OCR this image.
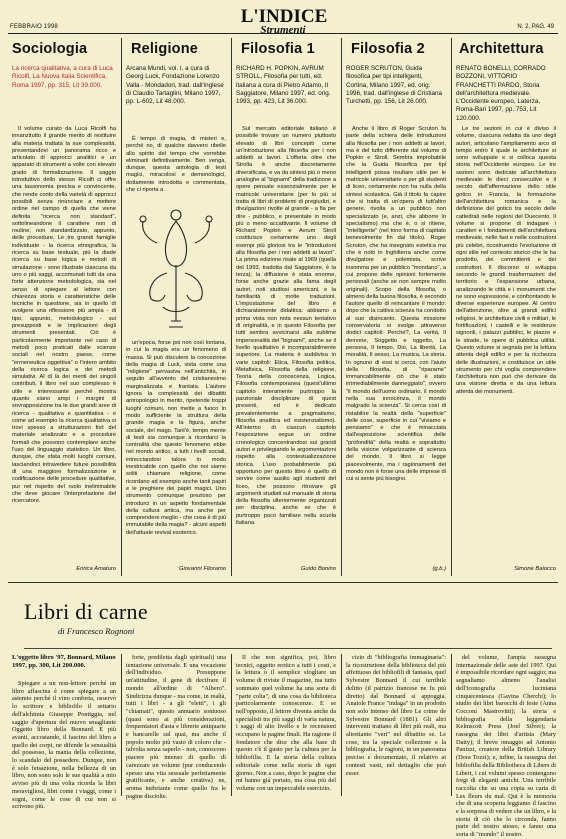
L'INDICE
FEBBRAIO 1998	Strumenti	N. 2, PAG. 49
Sociologia
La ricerca qualitativa, a cura di Luca Ricolfi, La Nuova Italia Scientifica, Roma 1997, pp. 315, Lit 39.000.

Il volume curato da Luca Ricolfi ha innanzitutto il grande merito di restituire alla materia trattata la sue complessità, presentandovi un panorama ricco e articolato di approcci analitici e un apparato di strumenti a volte con elevato grado di formalizzazione. Il saggio introduttivo dello stesso Ricolfi ci offre una tassonomia precisa e convincente, che rende conto della varietà di approcci possibili senza rinunciare a mettere ordine nel campo di quella che viene definita "ricerca non standard", sottolineandone il carattere non di routine, non standardizzato, appunto, delle procedure. Le tre grandi famiglie individuate - la ricerca etnografica, la ricerca su base testuale, più la diade ricerca su base logica e metodi di simulazione - sono illustrate ciascuna da uno o più saggi, accomunati tutti da una forte attenzione metodologica, sia nel senso di spiegare al lettore con chiarezza storia e caratteristiche delle tecniche in questione, sia in quello di svolgere una riflessione più ampia - di tipo, appunto, metodologico - sui presupposti e le implicazioni degli strumenti presentati. Ciò è particolarmente importante nel caso di metodi poco praticati dalle scienze sociali nel nostro paese, come "ermeneutica oggettiva" o l'intero ambito della ricerca logica e dei metodi simulativi. Al di là dei meriti dei singoli contributi, il libro nel suo complesso è utile e interessante perché mostra quanto siano ampi i margini di sovrapposizione tra le due grandi aree di ricerca - qualitativa e quantitativa - e come ad esempio la ricerca qualitativa si trovi spesso a strutturazioni fort del materiale analizzato e a procedure formali che possono contemplare anche l'uso del linguaggio statistico. Un libro, dunque, che sfata molti luoghi comuni, lasciandoci intravedere future possibilità di una maggiore formalizzazione e codificazione delle procedure qualitative, pur nel rispetto del ruolo ineliminabile che deve giocare l'interpretazione del ricercatore.

Enrica Amaturo
Religione
Arcana Mundi, vol. I, a cura di Georg Luck, Fondazione Lorenzo Valla - Mondadori, trad. dall'inglese di Claudio Tartaglini, Milano 1997, pp. L-602, Lit 48.000.

È tempo di magia, di misteri e, perché no, di qualche davvero ribelle allo spirito del tempo che vorrebbe eliminarli definitivamente. Ben venga, dunque, questa antologia di testi magici, miracolosi e demonologici, dottamente introdotta e commentata, che ci riporta a

un'epoca, forse poi non così lontana, in cui la magia era un fenomeno di massa. Si può discutere la concezione della magia di Luck, vista come una "religione" pervasiva nell'antichità, in seguito all'avvento del cristianesimo marginalizzata e frantata. L'autore ignora la complessità dei dibattiti antropologici in merito, ripetende troppi luoghi comuni, non mette a fuoco in modo sufficiente la struttura della grande magia e la figura, anche sociale, del mago. Tant'è, tempo mente di testi sia comunque a ricordarci la centralità che questo fenomeno ebbe nel mondo antico, a tutti i livelli sociali, intrecciandosi talora in modo inestricabile con quello che noi siamo soliti chiamare religione, come ricordano ad esempio anche tanti papiri e le preghiere dei papiri magici. Uno strumento comunque prezioso per introdurci in un aspetto fondamentale della cultura antica, ma anche per comprendere meglio - che cosa è di più immutabile della magia? - alcuni aspetti dell'attuale revival esoterico.

Giovanni Filoramo
Filosofia 1
RICHARD H. POPKIN, AVRUM STROLL, Filosofia per tutti, ed. italiana a cura di Pietro Adamo, Il Saggiatore, Milano 1997, ed. orig. 1993, pp. 423, Lit 36.000.

Sul mercato editoriale italiano è possibile trovare un numero piuttosto elevato di libri concepiti come un'introduzione alla filosofia per i non addetti ai lavori. L'offerta oltre che Strolla è anche discretamente diversificata, e va da sintesi più o meno analoghe al "bignami" della tradizione a opere pensate essenzialmente per le matricole universitarie (per lo più si tratta di libri di problemi di pregiudizi, e divulgazioni rivolte al grande - a fia per dire - pubblico, e presentate in modo più o meno accattivante. Il volume di Richard Popkin e Avrum Stroll costituisce certamente uno degli esempi più gloriosi tra le "introduzioni alla filosofia per i non addetti ai lavori". La prima edizione risale al 1969 (quella del 1993, tradotta dal Saggiatore, è la terza); la diffusione è stata enorme, forse anche grazie alla fama degli autori, noti studiosi americani, e la familiarità di molte traduzioni. L'impostazione del libro è dichiaratamente didattica: abbiamo a prima vista non nota nessun tentativo di originalità, e in questo Filosofia per tutti sembra avvicinarsi alla sublime impersonalità dei "bignami", anche se il livello qualitativo è incomparabilmente superiore. La materia è suddivisa in varie capitoli: Etica, Filosofia politica, Metafisica, Filosofia della religione, Teoria della conoscenza, Logica, Filosofia contemporanea (quest'ultimo capitolo interamente purtroppo la parzionale disciplinare di quest presenti, ed è dedicato prevalentemente a pragmatismo, filosofia analitica ed esistenzialismo). All'interno di ciascun capitolo l'esposizione segue un ordine cronologico concentrandosi sui grandi autori e privilegiando le argomentazioni rispetto alla contestualizzazione storica. L'uso probabilmente più opportuno per questo libro è quello di servire come ausilio agli studenti del liceo, che possono ritrovare gli argomenti studiati sul manuale di storia della filosofia ulteriormente organizzati per disciplina, anche se che è purtroppo poco familiare nella scuola italiana.

Guido Bonino
Filosofia 2
ROGER SCRUTON, Guida filosofica per tipi intelligenti, Cortina, Milano 1997, ed. orig. 1996, trad. dall'inglese di Cristiana Turchetti, pp. 156, Lit 26.000.

Anche il libro di Roger Scruton fa parte della schiera delle introduzioni alla filosofia per i non addetti ai lavori, ma è del tutto differente dal volume di Popkin e Stroll. Sembra improbabile che la Guida filosofica per tipi intelligenti possa risultare utile per le matricole universitarie o per gli studenti di liceo, certamente non ha nulla della sintesi scolastica. Già il titolo fa capire che si tratta di un'opera di tutt'altro genere, rivolta a un pubblico non specializzato (e, anzi, che abborre lo specialismo) ma che è, o si ritiene, "intelligente" (nel tono forma di capitato benevolmente fin dal titolo). Roger Scruton, che ha insegnato estetica ma che è noto in Inghilterra anche come divulgatore e polemista, scrive insomma per un pubblico "mondano", a cui propone delle opinioni fortemente personali (anche se non sempre molto originali). Scopo della filosofia, o almeno della buona filosofia, è secondo l'autore quello di reincantare il mondo: dopo che la cattiva scienza ha condotto al suo disincanto. Questa missione conservatoria si svolge attraverso dodici capitoli: Perché?, La verità, Il demone, Soggetto e oggetto, La persona, Il tempo, Dio, La libertà, La moralità, Il sesso, La musica, La storia. In ognuno di essi si cerca, con l'aiuto della filosofia, di "ripararne" immancabilmente ciò che è stato irrimediabilmente danneggiato", ovvero "il mondo dell'uomo ordinario, il mondo nella sua innocenza, il mondo malgrado la scienza". Si cerca così di ristabilire la realtà della "superficie" delle cose, superficie in cui "viviamo e pensiamo" e che è minacciata dall'esposizione scientifica delle "profondità" della realtà e soprattutto della visione volgarizzante di scienza del mondo. Il libro si legge piacevolmente, ma i ragionamenti del mondo non è forse una delle imprese di cui si sente più bisogno.

(g.b.)
Architettura
RENATO BONELLI, CORRADO BOZZONI, VITTORIO FRANCHETTI PARDO, Storia dell'architettura medievale. L'Occidente europeo, Laterza, Roma-Bari 1997, pp. 753, Lit 120.000.

Le tre sezioni in cui è diviso il volume, ciascuna redatta da uno degli autori, articolano l'ampliamento arco di tempo entro il quale le architetture si sono sviluppate e si colloca questa storia nell'Occidente europeo. Le tre sezioni sono dedicate all'architettura medievale: le dieci consecutive e il secolo dell'affermazione dello stile gotico in Francia, la formazione dell'architettura romanica e la definizione del gotico tra secolo delle cattedrali nelle regioni del Duecento. Il volume si propone di indagare i caratteri e i fondamenti dell'architettura medievale, nelle fasi e nelle costruzioni più celebri, ricostruendo l'evoluzione di ogni stile nel contesto storico che le ha prodotto, dei committenti e dei costruttori. Il discorso si sviluppa secondo le grandi trasformazioni del territorio e l'espansione urbana, analizzando le città e i monumenti che ne sono espressione, e confrontando le diverse esperienze europee. Al centro dell'attenzione, oltre ai grandi edifici religiosi, le architetture civili e militari, le fortificazioni, i castelli e le residenze signorili, i palazzi pubblici, le piazze e le strade, le opere di pubblica utilità. Questo volume si segnala per la lettura attenta degli edifici e per la ricchezza delle illustrazioni, e costituisce un utile strumento per chi voglia comprendere l'architettura non può che derivare da una visione diretta e da una lettura attenta dei monumenti.

Simone Baiocco
Libri di carne
di Francesco Rognoni
L'oggetto libro '97, Bonnard, Milano 1997, pp. 300, Lit 200.000.

Spiegare a un non-lettore perché un libro affascina è come spiegare a un astemio perché il vino conforta, osservò lo scrittore e bibliofilo il settario dell'alchimia Giuseppe Pontiggia, nel saggio d'apertura del nuovo smagliante Oggetto libro della Bonnard. E più avanti, accostando, il fascino del libro a quello dei corpi, ne difende la sensualità del possesso, la mania della collezione, lo scandalo del possedere. Dunque, non è solo fetsazione, nella bellezza di un libro, non sono solo le sue qualità a mio avviso più di una volta ricorda la libri meravigliosi, libri come i viaggi, come i sogni, come le cose di cui non si scrivono più.

forte, prediletta dagli spirituali) una tentazione universale. E una vocazione dell'individuo. Presuppone un'attitudine, il gene di decifrare il mondo all'ordine di "Albero". Sindirizza dunque - ma come, in realtà, tutti i libri - a gli "eletti", i gli "chiamati", questo annuario sontuoso (quasi sono ai più considerazioni, frequentatori d'asta e librerie antiquarie e bancarelle sul quai, ma anche il popolo molto più vasto di coloro che - talvolta senza saperlo - non, conoscono piacere più intenso di quello di carezzare un volume (pur conducendo spesso una vita sessuale perfettamente gratificante, e anche creativa) ne, aroma inebriante come quello fra le pagine disciolte.

Il che non significa, poi, libro tecnici, oggetto erotico a tutti i costi, e la lettura o il semplice sfogliare un volume di riviste il magazine, ma tutto sommato quel volume ha una sorta di "parte colta", di una cosa da biblioteca particolarmente conoscenze. E se nell'opposto, il lettore diventa anche da specialisti tra più saggi di varia natura, i saggi di alto livello e le recensioni occupano le pagine finali. Ha ragione il fondatore che dice che alla base di questo c'è il gusto per la cultura per la bibliofilia. E la storia della cultura editoriale come nella storia di ogni giorno. Non a caso, dopo le pagine che mi hanno già portato, ma cosa più del volume con un impeccabile esercizio.

cizio di "bibliografia immaginaria": la ricostruzione della biblioteca del più affettuoso dei bibliofili di fantasia, quel Sylvestre Bonnard il cui terribile delitto (il patrizio francese ne fu più diretto) dal Bonnard si appoggia. Anatole France "indaga" in un prodotto non solo intenso del libro Le crime de Sylvestre Bonnard (1881). Gli altri interventi trattano di libri più reali, ma altrettanto "veri" nel dibattito se. Le cose, tra la speciale collezione e la bibliografia, le ragioni, in un panorama preciso e documentato, il relativo ai contesti vasti, nel dettaglio che può esser.

del volume, l'ampia rassegna internazionale delle aste del 1997. Qui è impossibile ricordare ogni saggio; ma segnaliamo almeno l'analisi dell'iconografia luciniana cinquecentesca (Gavina Cherchi); lo studio dei libri barocchi di feste (Anna Cocconi Mastrovitti); la storia e bibliografia della leggendaria Kelmscott Press (Joel Silver); la rassegna dei libri d'artista (Mary Datty); il breve omaggio ad Antonio Panizzi, creatore della British Library (Dora Tozzi); e, infine, la rassegna dei bibliofilia della Bibliotheca di Libers di Libert, i cui volumi spesso contengono fregi di eleganti antichi. Una terribile raccolta che su una copia su carta di Les fleurs du mal. Qui è la memoria che di una scoperta leggiamo il fascino e la sorpresa di vedere che un libro, e la storia di ciò che lo circonda, fanno parte del nostro stesso, e fanno una sorta di "mondo" il nostro.
